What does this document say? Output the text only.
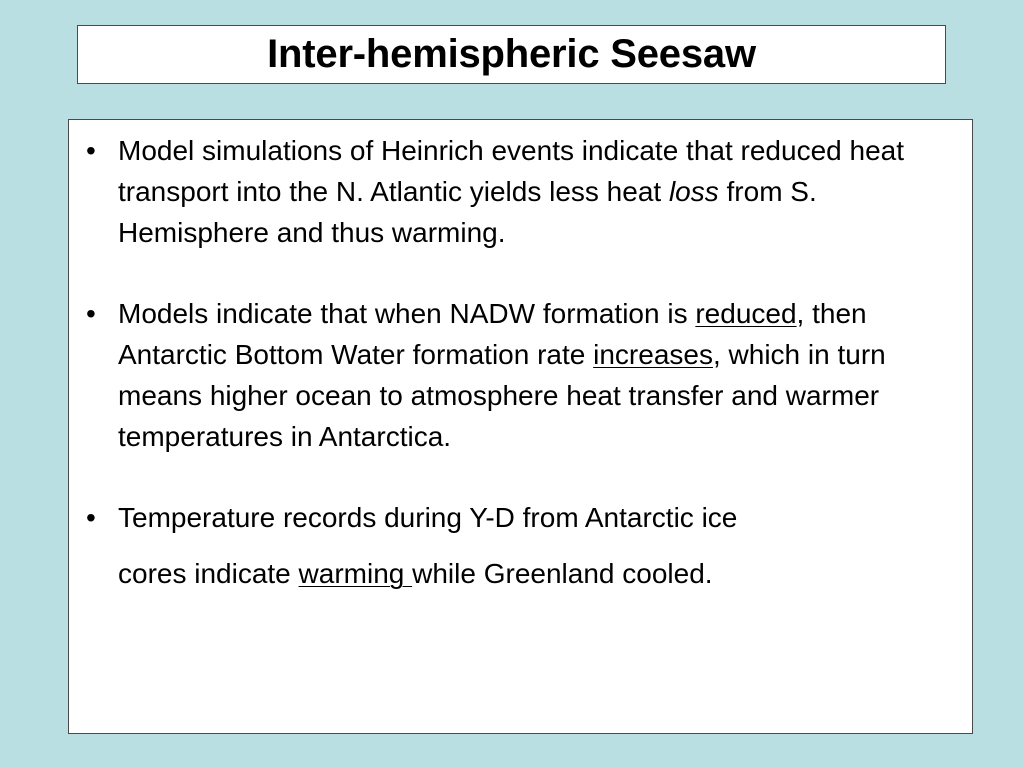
Inter-hemispheric Seesaw
• Model simulations of Heinrich events indicate that reduced heat transport into the N. Atlantic yields less heat loss from S. Hemisphere and thus warming.
• Models indicate that when NADW formation is reduced, then Antarctic Bottom Water formation rate increases, which in turn means higher ocean to atmosphere heat transfer and warmer temperatures in Antarctica.
• Temperature records during Y-D from Antarctic ice
cores indicate warming while Greenland cooled.
